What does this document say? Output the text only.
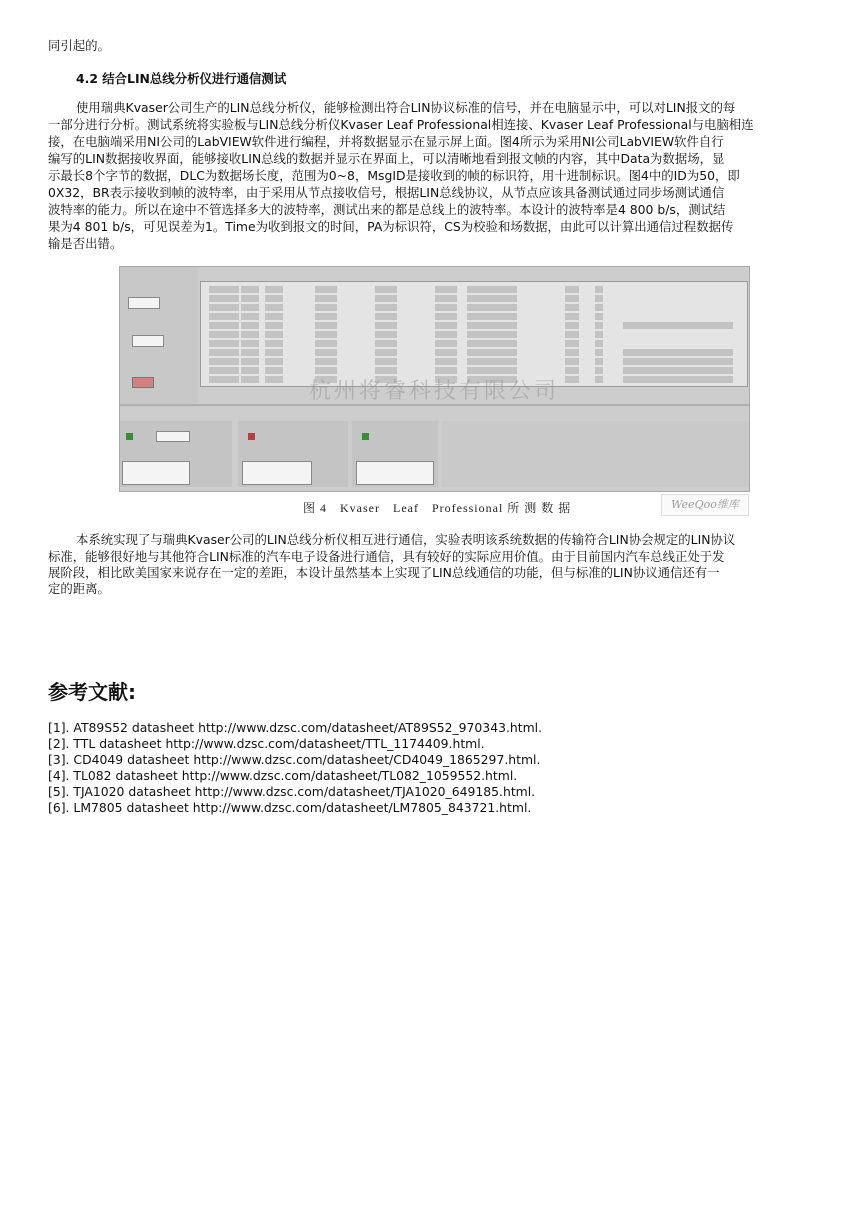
同引起的。
4.2 结合LIN总线分析仪进行通信测试
使用瑞典Kvaser公司生产的LIN总线分析仪，能够检测出符合LIN协议标准的信号，并在电脑显示中，可以对LIN报文的每
一部分进行分析。测试系统将实验板与LIN总线分析仪Kvaser Leaf Professional相连接、Kvaser Leaf Professional与电脑相连
接，在电脑端采用NI公司的LabVIEW软件进行编程，并将数据显示在显示屏上面。图4所示为采用NI公司LabVIEW软件自行
编写的LIN数据接收界面，能够接收LIN总线的数据并显示在界面上，可以清晰地看到报文帧的内容，其中Data为数据场，显
示最长8个字节的数据，DLC为数据场长度，范围为0~8，MsgID是接收到的帧的标识符，用十进制标识。图4中的ID为50，即
0X32，BR表示接收到帧的波特率，由于采用从节点接收信号，根据LIN总线协议，从节点应该具备测试通过同步场测试通信
波特率的能力。所以在途中不管选择多大的波特率，测试出来的都是总线上的波特率。本设计的波特率是4 800 b/s，测试结
果为4 801 b/s，可见误差为1。Time为收到报文的时间，PA为标识符，CS为校验和场数据，由此可以计算出通信过程数据传
输是否出错。
杭州将睿科技有限公司
图 4　Kvaser　Leaf　Professional 所 测 数 据	WeeQoo维库
本系统实现了与瑞典Kvaser公司的LIN总线分析仪相互进行通信，实验表明该系统数据的传输符合LIN协会规定的LIN协议
标准，能够很好地与其他符合LIN标准的汽车电子设备进行通信，具有较好的实际应用价值。由于目前国内汽车总线正处于发
展阶段，相比欧美国家来说存在一定的差距，本设计虽然基本上实现了LIN总线通信的功能，但与标准的LIN协议通信还有一
定的距离。
参考文献:
[1]. AT89S52 datasheet http://www.dzsc.com/datasheet/AT89S52_970343.html.
[2]. TTL datasheet http://www.dzsc.com/datasheet/TTL_1174409.html.
[3]. CD4049 datasheet http://www.dzsc.com/datasheet/CD4049_1865297.html.
[4]. TL082 datasheet http://www.dzsc.com/datasheet/TL082_1059552.html.
[5]. TJA1020 datasheet http://www.dzsc.com/datasheet/TJA1020_649185.html.
[6]. LM7805 datasheet http://www.dzsc.com/datasheet/LM7805_843721.html.
